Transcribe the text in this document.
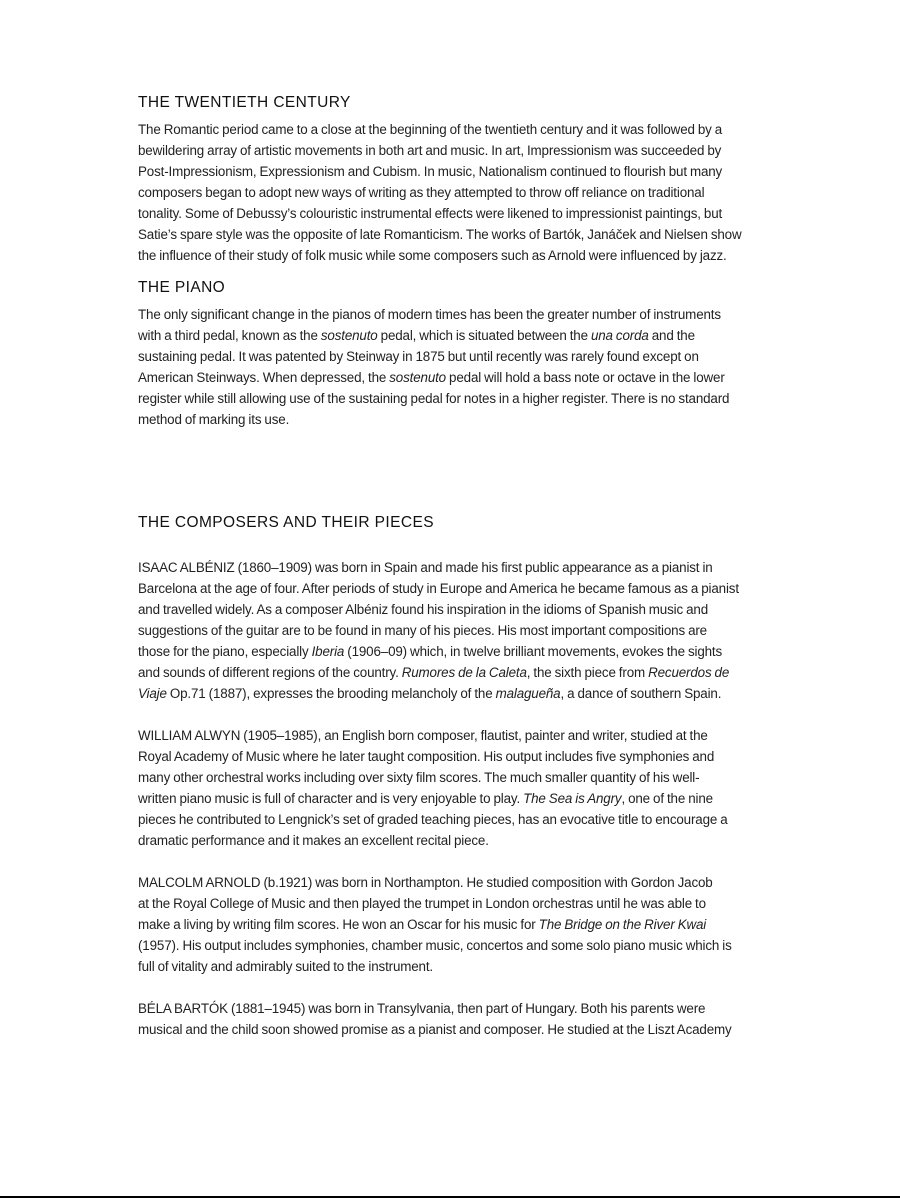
THE TWENTIETH CENTURY

The Romantic period came to a close at the beginning of the twentieth century and it was followed by a
bewildering array of artistic movements in both art and music. In art, Impressionism was succeeded by
Post-Impressionism, Expressionism and Cubism. In music, Nationalism continued to flourish but many
composers began to adopt new ways of writing as they attempted to throw off reliance on traditional
tonality. Some of Debussy’s colouristic instrumental effects were likened to impressionist paintings, but
Satie’s spare style was the opposite of late Romanticism. The works of Bartók, Janáček and Nielsen show
the influence of their study of folk music while some composers such as Arnold were influenced by jazz.

THE PIANO

The only significant change in the pianos of modern times has been the greater number of instruments
with a third pedal, known as the sostenuto pedal, which is situated between the una corda and the
sustaining pedal. It was patented by Steinway in 1875 but until recently was rarely found except on
American Steinways. When depressed, the sostenuto pedal will hold a bass note or octave in the lower
register while still allowing use of the sustaining pedal for notes in a higher register. There is no standard
method of marking its use.

THE COMPOSERS AND THEIR PIECES

ISAAC ALBÉNIZ (1860–1909) was born in Spain and made his first public appearance as a pianist in
Barcelona at the age of four. After periods of study in Europe and America he became famous as a pianist
and travelled widely. As a composer Albéniz found his inspiration in the idioms of Spanish music and
suggestions of the guitar are to be found in many of his pieces. His most important compositions are
those for the piano, especially Iberia (1906–09) which, in twelve brilliant movements, evokes the sights
and sounds of different regions of the country. Rumores de la Caleta, the sixth piece from Recuerdos de
Viaje Op.71 (1887), expresses the brooding melancholy of the malagueña, a dance of southern Spain.

WILLIAM ALWYN (1905–1985), an English born composer, flautist, painter and writer, studied at the
Royal Academy of Music where he later taught composition. His output includes five symphonies and
many other orchestral works including over sixty film scores. The much smaller quantity of his well-
written piano music is full of character and is very enjoyable to play. The Sea is Angry, one of the nine
pieces he contributed to Lengnick’s set of graded teaching pieces, has an evocative title to encourage a
dramatic performance and it makes an excellent recital piece.

MALCOLM ARNOLD (b.1921) was born in Northampton. He studied composition with Gordon Jacob
at the Royal College of Music and then played the trumpet in London orchestras until he was able to
make a living by writing film scores. He won an Oscar for his music for The Bridge on the River Kwai
(1957). His output includes symphonies, chamber music, concertos and some solo piano music which is
full of vitality and admirably suited to the instrument.

BÉLA BARTÓK (1881–1945) was born in Transylvania, then part of Hungary. Both his parents were
musical and the child soon showed promise as a pianist and composer. He studied at the Liszt Academy
